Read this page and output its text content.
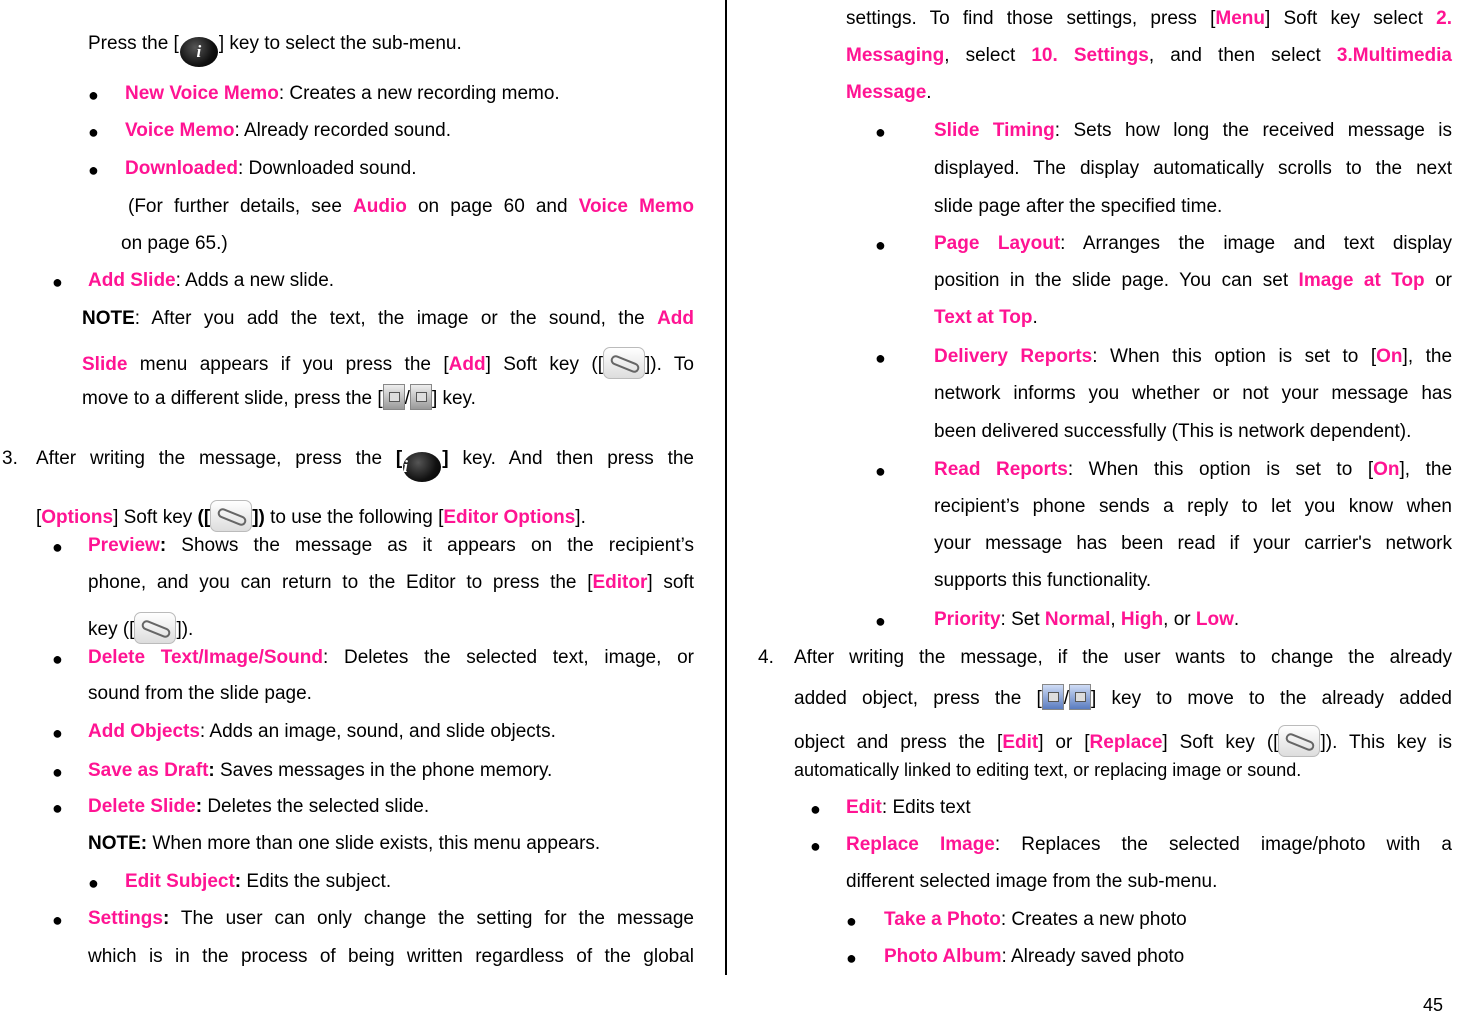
Press the [ i ] key to select the sub-menu.
● New Voice Memo: Creates a new recording memo.
● Voice Memo: Already recorded sound.
● Downloaded: Downloaded sound.
(For further details, see Audio on page 60 and Voice Memo
on page 65.)
● Add Slide: Adds a new slide.
NOTE: After you add the text, the image or the sound, the Add
Slide menu appears if you press the [Add] Soft key ([ ]). To
move to a different slide, press the [ / ] key.
3. After writing the message, press the [i ] key. And then press the
[Options] Soft key ([ ]) to use the following [Editor Options].
● Preview: Shows the message as it appears on the recipient’s
phone, and you can return to the Editor to press the [Editor] soft
key ([ ]).
● Delete Text/Image/Sound: Deletes the selected text, image, or
sound from the slide page.
● Add Objects: Adds an image, sound, and slide objects.
● Save as Draft: Saves messages in the phone memory.
● Delete Slide: Deletes the selected slide.
NOTE: When more than one slide exists, this menu appears.
● Edit Subject: Edits the subject.
● Settings: The user can only change the setting for the message
which is in the process of being written regardless of the global
settings. To find those settings, press [Menu] Soft key select 2.
Messaging, select 10. Settings, and then select 3.Multimedia
Message.
●	Slide Timing: Sets how long the received message is
displayed. The display automatically scrolls to the next
slide page after the specified time.
●	Page Layout: Arranges the image and text display
position in the slide page. You can set Image at Top or
Text at Top.
●	Delivery Reports: When this option is set to [On], the
network informs you whether or not your message has
been delivered successfully (This is network dependent).
●	Read Reports: When this option is set to [On], the
recipient’s phone sends a reply to let you know when
your message has been read if your carrier's network
supports this functionality.
●	Priority: Set Normal, High, or Low.
4. After writing the message, if the user wants to change the already
added object, press the [ / ] key to move to the already added
object and press the [Edit] or [Replace] Soft key ([ ]). This key is
automatically linked to editing text, or replacing image or sound.
● Edit: Edits text
● Replace Image: Replaces the selected image/photo with a
different selected image from the sub-menu.
● Take a Photo: Creates a new photo
● Photo Album: Already saved photo
45
